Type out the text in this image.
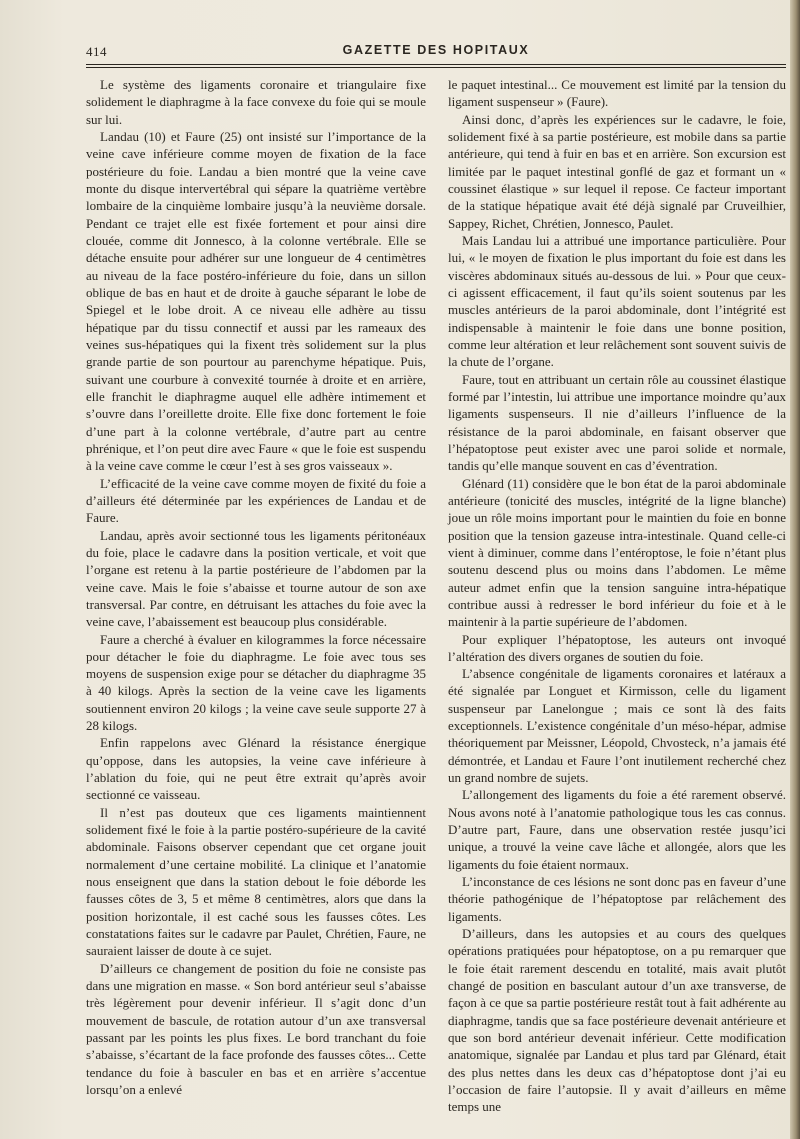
414	GAZETTE DES HOPITAUX

Le système des ligaments coronaire et triangulaire fixe solidement le diaphragme à la face convexe du foie qui se moule sur lui.

Landau (10) et Faure (25) ont insisté sur l’importance de la veine cave inférieure comme moyen de fixation de la face postérieure du foie. Landau a bien montré que la veine cave monte du disque intervertébral qui sépare la quatrième vertèbre lombaire de la cinquième lombaire jusqu’à la neuvième dorsale. Pendant ce trajet elle est fixée fortement et pour ainsi dire clouée, comme dit Jonnesco, à la colonne vertébrale. Elle se détache ensuite pour adhérer sur une longueur de 4 centimètres au niveau de la face postéro-inférieure du foie, dans un sillon oblique de bas en haut et de droite à gauche séparant le lobe de Spiegel et le lobe droit. A ce niveau elle adhère au tissu hépatique par du tissu connectif et aussi par les rameaux des veines sus-hépatiques qui la fixent très solidement sur la plus grande partie de son pourtour au parenchyme hépatique. Puis, suivant une courbure à convexité tournée à droite et en arrière, elle franchit le diaphragme auquel elle adhère intimement et s’ouvre dans l’oreillette droite. Elle fixe donc fortement le foie d’une part à la colonne vertébrale, d’autre part au centre phrénique, et l’on peut dire avec Faure « que le foie est suspendu à la veine cave comme le cœur l’est à ses gros vaisseaux ».

L’efficacité de la veine cave comme moyen de fixité du foie a d’ailleurs été déterminée par les expériences de Landau et de Faure.

Landau, après avoir sectionné tous les ligaments péritonéaux du foie, place le cadavre dans la position verticale, et voit que l’organe est retenu à la partie postérieure de l’abdomen par la veine cave. Mais le foie s’abaisse et tourne autour de son axe transversal. Par contre, en détruisant les attaches du foie avec la veine cave, l’abaissement est beaucoup plus considérable.

Faure a cherché à évaluer en kilogrammes la force nécessaire pour détacher le foie du diaphragme. Le foie avec tous ses moyens de suspension exige pour se détacher du diaphragme 35 à 40 kilogs. Après la section de la veine cave les ligaments soutiennent environ 20 kilogs ; la veine cave seule supporte 27 à 28 kilogs.

Enfin rappelons avec Glénard la résistance énergique qu’oppose, dans les autopsies, la veine cave inférieure à l’ablation du foie, qui ne peut être extrait qu’après avoir sectionné ce vaisseau.

Il n’est pas douteux que ces ligaments maintiennent solidement fixé le foie à la partie postéro-supérieure de la cavité abdominale. Faisons observer cependant que cet organe jouit normalement d’une certaine mobilité. La clinique et l’anatomie nous enseignent que dans la station debout le foie déborde les fausses côtes de 3, 5 et même 8 centimètres, alors que dans la position horizontale, il est caché sous les fausses côtes. Les constatations faites sur le cadavre par Paulet, Chrétien, Faure, ne sauraient laisser de doute à ce sujet.

D’ailleurs ce changement de position du foie ne consiste pas dans une migration en masse. « Son bord antérieur seul s’abaisse très légèrement pour devenir inférieur. Il s’agit donc d’un mouvement de bascule, de rotation autour d’un axe transversal passant par les points les plus fixes. Le bord tranchant du foie s’abaisse, s’écartant de la face profonde des fausses côtes... Cette tendance du foie à basculer en bas et en arrière s’accentue lorsqu’on a enlevé

le paquet intestinal... Ce mouvement est limité par la tension du ligament suspenseur » (Faure).

Ainsi donc, d’après les expériences sur le cadavre, le foie, solidement fixé à sa partie postérieure, est mobile dans sa partie antérieure, qui tend à fuir en bas et en arrière. Son excursion est limitée par le paquet intestinal gonflé de gaz et formant un « coussinet élastique » sur lequel il repose. Ce facteur important de la statique hépatique avait été déjà signalé par Cruveilhier, Sappey, Richet, Chrétien, Jonnesco, Paulet.

Mais Landau lui a attribué une importance particulière. Pour lui, « le moyen de fixation le plus important du foie est dans les viscères abdominaux situés au-dessous de lui. » Pour que ceux-ci agissent efficacement, il faut qu’ils soient soutenus par les muscles antérieurs de la paroi abdominale, dont l’intégrité est indispensable à maintenir le foie dans une bonne position, comme leur altération et leur relâchement sont souvent suivis de la chute de l’organe.

Faure, tout en attribuant un certain rôle au coussinet élastique formé par l’intestin, lui attribue une importance moindre qu’aux ligaments suspenseurs. Il nie d’ailleurs l’influence de la résistance de la paroi abdominale, en faisant observer que l’hépatoptose peut exister avec une paroi solide et normale, tandis qu’elle manque souvent en cas d’éventration.

Glénard (11) considère que le bon état de la paroi abdominale antérieure (tonicité des muscles, intégrité de la ligne blanche) joue un rôle moins important pour le maintien du foie en bonne position que la tension gazeuse intra-intestinale. Quand celle-ci vient à diminuer, comme dans l’entéroptose, le foie n’étant plus soutenu descend plus ou moins dans l’abdomen. Le même auteur admet enfin que la tension sanguine intra-hépatique contribue aussi à redresser le bord inférieur du foie et à le maintenir à la partie supérieure de l’abdomen.

Pour expliquer l’hépatoptose, les auteurs ont invoqué l’altération des divers organes de soutien du foie.

L’absence congénitale de ligaments coronaires et latéraux a été signalée par Longuet et Kirmisson, celle du ligament suspenseur par Lanelongue ; mais ce sont là des faits exceptionnels. L’existence congénitale d’un méso-hépar, admise théoriquement par Meissner, Léopold, Chvosteck, n’a jamais été démontrée, et Landau et Faure l’ont inutilement recherché chez un grand nombre de sujets.

L’allongement des ligaments du foie a été rarement observé. Nous avons noté à l’anatomie pathologique tous les cas connus. D’autre part, Faure, dans une observation restée jusqu’ici unique, a trouvé la veine cave lâche et allongée, alors que les ligaments du foie étaient normaux.

L’inconstance de ces lésions ne sont donc pas en faveur d’une théorie pathogénique de l’hépatoptose par relâchement des ligaments.

D’ailleurs, dans les autopsies et au cours des quelques opérations pratiquées pour hépatoptose, on a pu remarquer que le foie était rarement descendu en totalité, mais avait plutôt changé de position en basculant autour d’un axe transverse, de façon à ce que sa partie postérieure restât tout à fait adhérente au diaphragme, tandis que sa face postérieure devenait antérieure et que son bord antérieur devenait inférieur. Cette modification anatomique, signalée par Landau et plus tard par Glénard, était des plus nettes dans les deux cas d’hépatoptose dont j’ai eu l’occasion de faire l’autopsie. Il y avait d’ailleurs en même temps une
